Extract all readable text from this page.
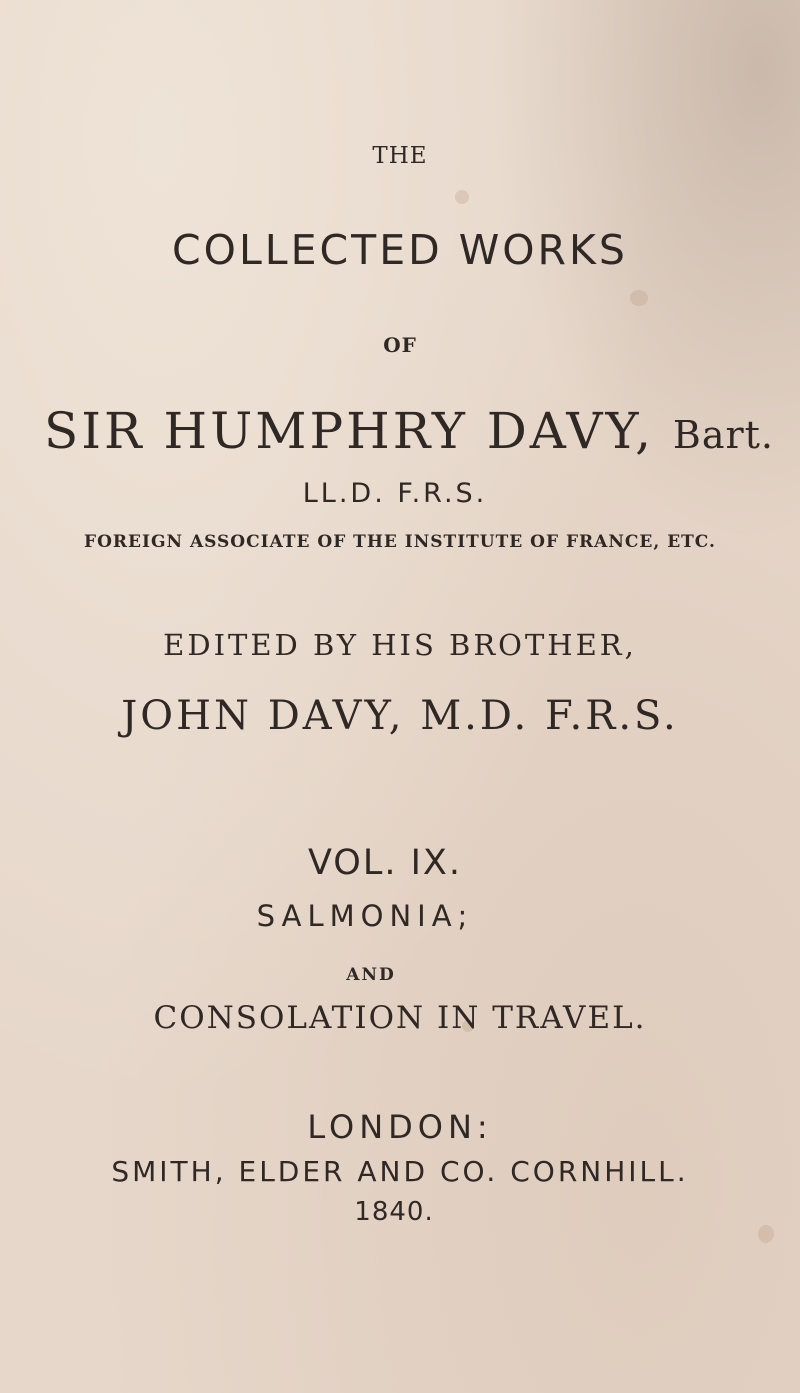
THE
COLLECTED WORKS
OF
SIR HUMPHRY DAVY, Bart.
LL.D. F.R.S.
FOREIGN ASSOCIATE OF THE INSTITUTE OF FRANCE, ETC.
EDITED BY HIS BROTHER,
JOHN DAVY, M.D. F.R.S.
VOL. IX.
SALMONIA;
AND
CONSOLATION IN TRAVEL.
LONDON:
SMITH, ELDER AND CO. CORNHILL.
1840.
